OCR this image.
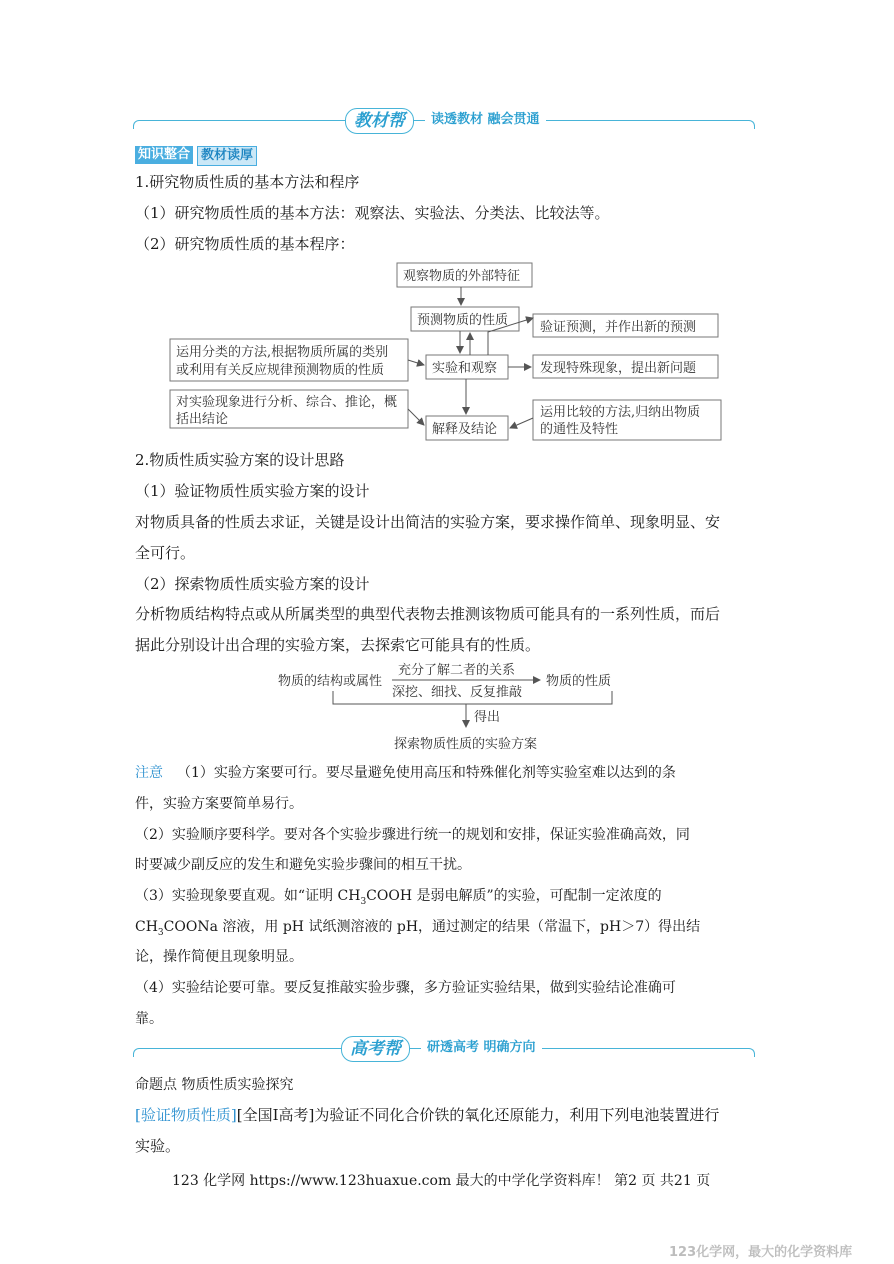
教材帮	读透教材 融会贯通
知识整合 教材读厚
1.研究物质性质的基本方法和程序
（1）研究物质性质的基本方法：观察法、实验法、分类法、比较法等。
（2）研究物质性质的基本程序：
观察物质的外部特征
预测物质的性质 验证预测，并作出新的预测
运用分类的方法,根据物质所属的类别
或利用有关反应规律预测物质的性质	实验和观察	发现特殊现象，提出新问题
对实验现象进行分析、综合、推论，概
括出结论
解释及结论
运用比较的方法,归纳出物质
的通性及特性
2.物质性质实验方案的设计思路
（1）验证物质性质实验方案的设计
对物质具备的性质去求证，关键是设计出简洁的实验方案，要求操作简单、现象明显、安
全可行。
（2）探索物质性质实验方案的设计
分析物质结构特点或从所属类型的典型代表物去推测该物质可能具有的一系列性质，而后
据此分别设计出合理的实验方案，去探索它可能具有的性质。
物质的结构或属性
充分了解二者的关系
深挖、细找、反复推敲
物质的性质
得出
探索物质性质的实验方案
注意 （1）实验方案要可行。要尽量避免使用高压和特殊催化剂等实验室难以达到的条
件，实验方案要简单易行。
（2）实验顺序要科学。要对各个实验步骤进行统一的规划和安排，保证实验准确高效，同
时要减少副反应的发生和避免实验步骤间的相互干扰。
（3）实验现象要直观。如“证明 $CH_3COOH$ 是弱电解质”的实验，可配制一定浓度的
$CH_3COONa$ 溶液，用 pH 试纸测溶液的 pH，通过测定的结果（常温下，pH＞7）得出结
论，操作简便且现象明显。
（4）实验结论要可靠。要反复推敲实验步骤，多方验证实验结果，做到实验结论准确可
靠。
高考帮	研透高考 明确方向
命题点 物质性质实验探究
[验证物质性质][全国Ⅰ高考]为验证不同化合价铁的氧化还原能力，利用下列电池装置进行
实验。
123 化学网 https://www.123huaxue.com 最大的中学化学资料库！ 第2 页 共21 页
123化学网，最大的化学资料库
